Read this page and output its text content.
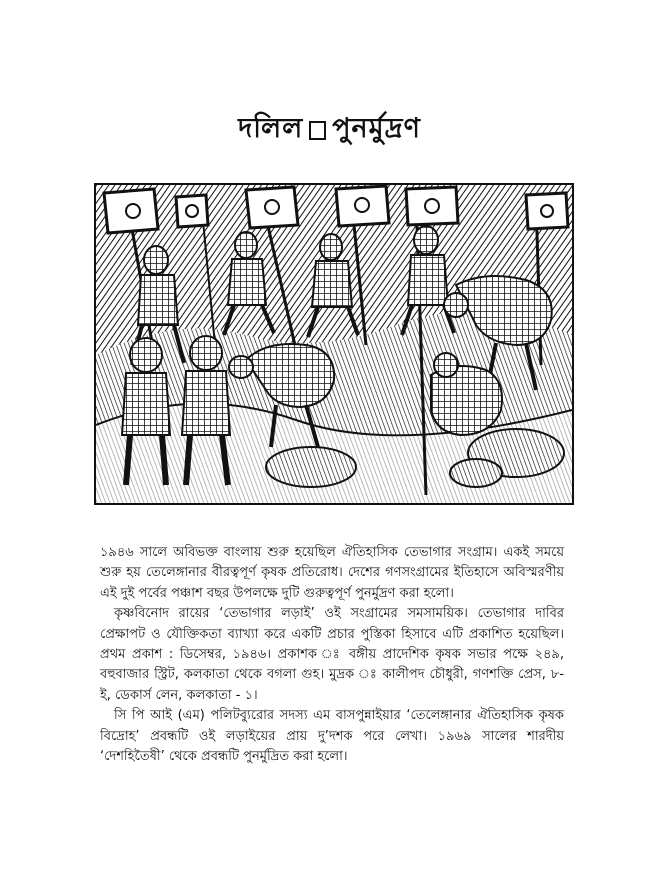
দলিল পুনর্মুদ্রণ

১৯৪৬ সালে অবিভক্ত বাংলায় শুরু হয়েছিল ঐতিহাসিক তেভাগার সংগ্রাম। একই সময়ে শুরু হয় তেলেঙ্গানার বীরত্বপূর্ণ কৃষক প্রতিরোধ। দেশের গণসংগ্রামের ইতিহাসে অবিস্মরণীয় এই দুই পর্বের পঞ্চাশ বছর উপলক্ষে দুটি গুরুত্বপূর্ণ পুনর্মুদ্রণ করা হলো।

কৃষ্ণবিনোদ রায়ের ‘তেভাগার লড়াই’ ওই সংগ্রামের সমসাময়িক। তেভাগার দাবির প্রেক্ষাপট ও যৌক্তিকতা ব্যাখ্যা করে একটি প্রচার পুস্তিকা হিসাবে এটি প্রকাশিত হয়েছিল। প্রথম প্রকাশ : ডিসেম্বর, ১৯৪৬। প্রকাশক ঃ বঙ্গীয় প্রাদেশিক কৃষক সভার পক্ষে ২৪৯, বহুবাজার স্ট্রিট, কলকাতা থেকে বগলা গুহ। মুদ্রক ঃ কালীপদ চৌধুরী, গণশক্তি প্রেস, ৮-ই, ডেকার্স লেন, কলকাতা - ১।

সি পি আই (এম) পলিটব্যুরোর সদস্য এম বাসপুন্নাইয়ার ‘তেলেঙ্গানার ঐতিহাসিক কৃষক বিদ্রোহ’ প্রবন্ধটি ওই লড়াইয়ের প্রায় দু’দশক পরে লেখা। ১৯৬৯ সালের শারদীয় ‘দেশহিতৈষী’ থেকে প্রবন্ধটি পুনর্মুদ্রিত করা হলো।
